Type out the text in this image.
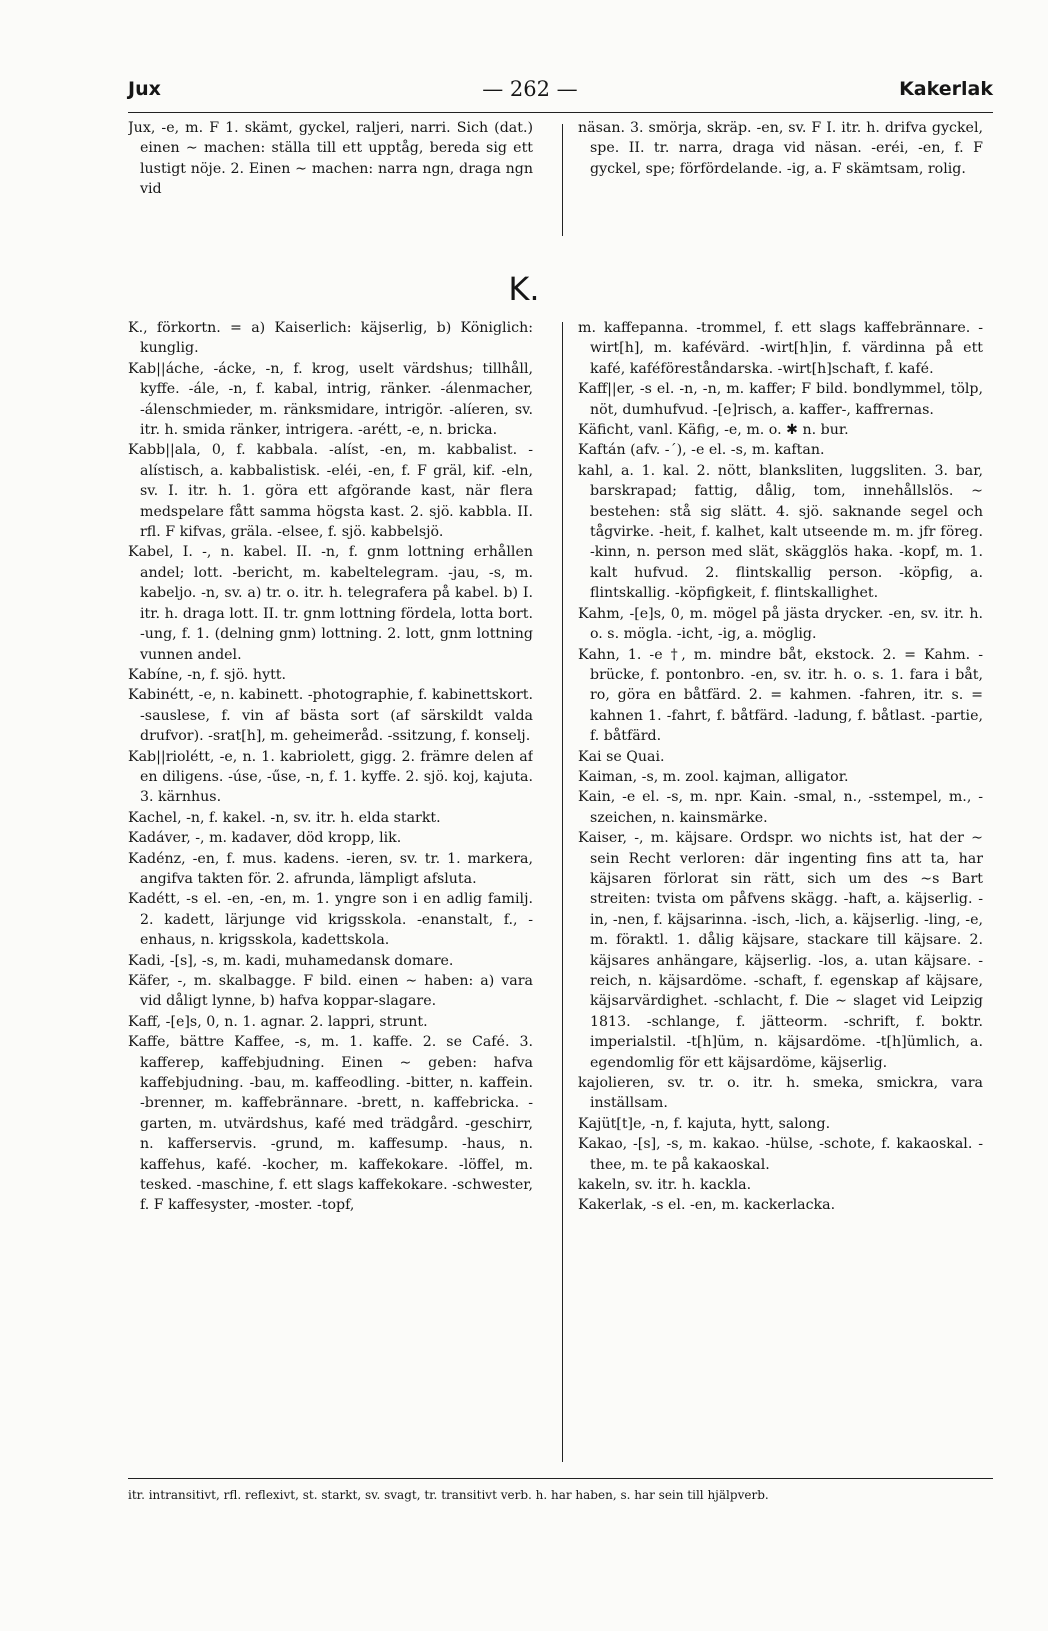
Jux	— 262 —	Kakerlak

Jux, -e, m. F 1. skämt, gyckel, raljeri, narri. Sich (dat.) einen ∼ machen: ställa till ett upptåg, bereda sig ett lustigt nöje. 2. Einen ∼ machen: narra ngn, draga ngn vid

näsan. 3. smörja, skräp. -en, sv. F I. itr. h. drifva gyckel, spe. II. tr. narra, draga vid näsan. -eréi, -en, f. F gyckel, spe; förfördelande. -ig, a. F skämtsam, rolig.

K.

K., förkortn. = a) Kaiserlich: käjserlig, b) Königlich: kunglig.

Kab||áche, -ácke, -n, f. krog, uselt värdshus; tillhåll, kyffe. -ále, -n, f. kabal, intrig, ränker. -álenmacher, -álenschmieder, m. ränksmidare, intrigör. -alíeren, sv. itr. h. smida ränker, intrigera. -arétt, -e, n. bricka.

Kabb||ala, 0, f. kabbala. -alíst, -en, m. kabbalist. -alístisch, a. kabbalistisk. -eléi, -en, f. F gräl, kif. -eln, sv. I. itr. h. 1. göra ett afgörande kast, när flera medspelare fått samma högsta kast. 2. sjö. kabbla. II. rfl. F kifvas, gräla. -elsee, f. sjö. kabbelsjö.

Kabel, I. -, n. kabel. II. -n, f. gnm lottning erhållen andel; lott. -bericht, m. kabeltelegram. -jau, -s, m. kabeljo. -n, sv. a) tr. o. itr. h. telegrafera på kabel. b) I. itr. h. draga lott. II. tr. gnm lottning fördela, lotta bort. -ung, f. 1. (delning gnm) lottning. 2. lott, gnm lottning vunnen andel.

Kabíne, -n, f. sjö. hytt.

Kabinétt, -e, n. kabinett. -photographie, f. kabinettskort. -sauslese, f. vin af bästa sort (af särskildt valda drufvor). -srat[h], m. geheimeråd. -ssitzung, f. konselj.

Kab||riolétt, -e, n. 1. kabriolett, gigg. 2. främre delen af en diligens. -úse, -űse, -n, f. 1. kyffe. 2. sjö. koj, kajuta. 3. kärnhus.

Kachel, -n, f. kakel. -n, sv. itr. h. elda starkt.

Kadáver, -, m. kadaver, död kropp, lik.

Kadénz, -en, f. mus. kadens. -ieren, sv. tr. 1. markera, angifva takten för. 2. afrunda, lämpligt afsluta.

Kadétt, -s el. -en, -en, m. 1. yngre son i en adlig familj. 2. kadett, lärjunge vid krigsskola. -enanstalt, f., -enhaus, n. krigsskola, kadettskola.

Kadi, -[s], -s, m. kadi, muhamedansk domare.

Käfer, -, m. skalbagge. F bild. einen ∼ haben: a) vara vid dåligt lynne, b) hafva koppar-slagare.

Kaff, -[e]s, 0, n. 1. agnar. 2. lappri, strunt.

Kaffe, bättre Kaffee, -s, m. 1. kaffe. 2. se Café. 3. kafferep, kaffebjudning. Einen ∼ geben: hafva kaffebjudning. -bau, m. kaffeodling. -bitter, n. kaffein. -brenner, m. kaffebrännare. -brett, n. kaffebricka. -garten, m. utvärdshus, kafé med trädgård. -geschirr, n. kafferservis. -grund, m. kaffesump. -haus, n. kaffehus, kafé. -kocher, m. kaffekokare. -löffel, m. tesked. -maschine, f. ett slags kaffekokare. -schwester, f. F kaffesyster, -moster. -topf,

m. kaffepanna. -trommel, f. ett slags kaffebrännare. -wirt[h], m. kafévärd. -wirt[h]in, f. värdinna på ett kafé, kaféföreståndarska. -wirt[h]schaft, f. kafé.

Kaff||er, -s el. -n, -n, m. kaffer; F bild. bondlymmel, tölp, nöt, dumhufvud. -[e]risch, a. kaffer-, kaffrernas.

Käficht, vanl. Käfig, -e, m. o. ✱ n. bur.

Kaftán (afv. -´), -e el. -s, m. kaftan.

kahl, a. 1. kal. 2. nött, blanksliten, luggsliten. 3. bar, barskrapad; fattig, dålig, tom, innehållslös. ∼ bestehen: stå sig slätt. 4. sjö. saknande segel och tågvirke. -heit, f. kalhet, kalt utseende m. m. jfr föreg. -kinn, n. person med slät, skägglös haka. -kopf, m. 1. kalt hufvud. 2. flintskallig person. -köpfig, a. flintskallig. -köpfigkeit, f. flintskallighet.

Kahm, -[e]s, 0, m. mögel på jästa drycker. -en, sv. itr. h. o. s. mögla. -icht, -ig, a. möglig.

Kahn, 1. -e †, m. mindre båt, ekstock. 2. = Kahm. -brücke, f. pontonbro. -en, sv. itr. h. o. s. 1. fara i båt, ro, göra en båtfärd. 2. = kahmen. -fahren, itr. s. = kahnen 1. -fahrt, f. båtfärd. -ladung, f. båtlast. -partie, f. båtfärd.

Kai se Quai.

Kaiman, -s, m. zool. kajman, alligator.

Kain, -e el. -s, m. npr. Kain. -smal, n., -sstempel, m., -szeichen, n. kainsmärke.

Kaiser, -, m. käjsare. Ordspr. wo nichts ist, hat der ∼ sein Recht verloren: där ingenting fins att ta, har käjsaren förlorat sin rätt, sich um des ∼s Bart streiten: tvista om påfvens skägg. -haft, a. käjserlig. -in, -nen, f. käjsarinna. -isch, -lich, a. käjserlig. -ling, -e, m. föraktl. 1. dålig käjsare, stackare till käjsare. 2. käjsares anhängare, käjserlig. -los, a. utan käjsare. -reich, n. käjsardöme. -schaft, f. egenskap af käjsare, käjsarvärdighet. -schlacht, f. Die ∼ slaget vid Leipzig 1813. -schlange, f. jätteorm. -schrift, f. boktr. imperialstil. -t[h]üm, n. käjsardöme. -t[h]ümlich, a. egendomlig för ett käjsardöme, käjserlig.

kajolieren, sv. tr. o. itr. h. smeka, smickra, vara inställsam.

Kajüt[t]e, -n, f. kajuta, hytt, salong.

Kakao, -[s], -s, m. kakao. -hülse, -schote, f. kakaoskal. -thee, m. te på kakaoskal.

kakeln, sv. itr. h. kackla.

Kakerlak, -s el. -en, m. kackerlacka.

itr. intransitivt, rfl. reflexivt, st. starkt, sv. svagt, tr. transitivt verb. h. har haben, s. har sein till hjälpverb.
